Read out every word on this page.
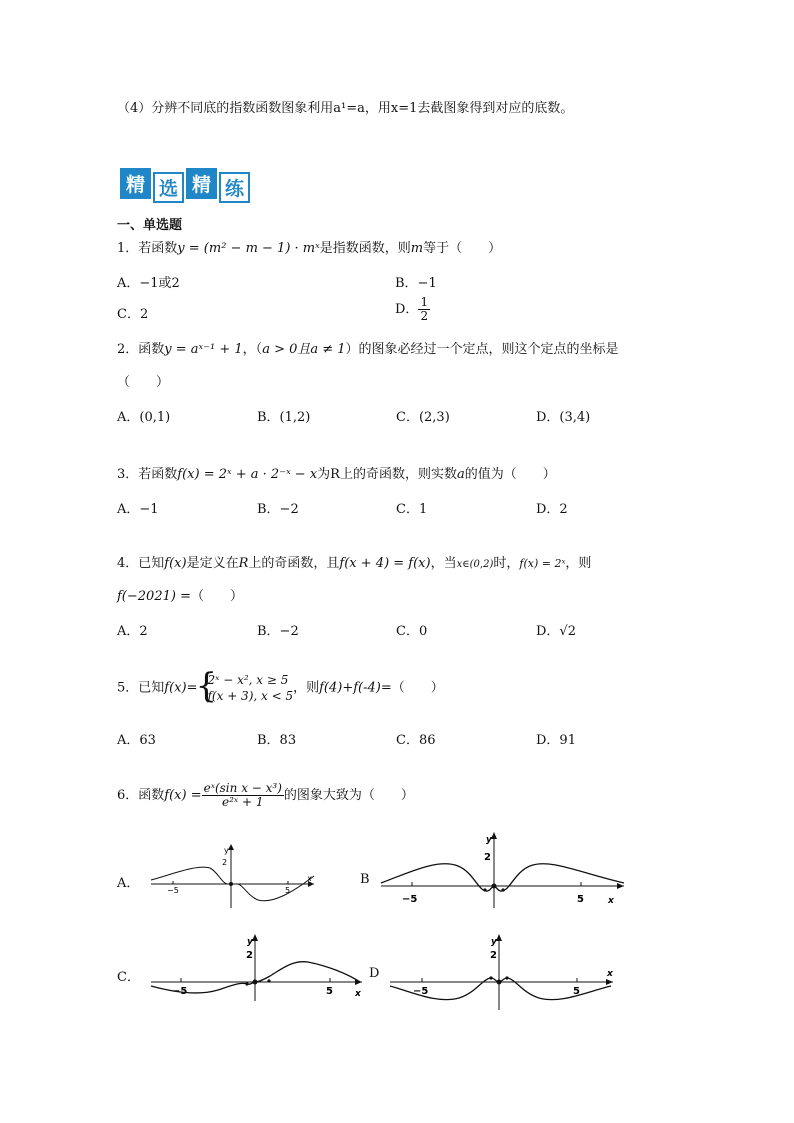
（4）分辨不同底的指数函数图象利用a¹=a，用x=1去截图象得到对应的底数。
精 选 精 练
一、单选题
1．若函数y = (m² − m − 1) · mˣ是指数函数，则m等于（　　）
A．−1或2	B．−1
C．2	D． $\frac{1}{2}$
2．函数y = aˣ⁻¹ + 1，（a > 0且a ≠ 1）的图象必经过一个定点，则这个定点的坐标是
（　　）
A．(0,1)	B．(1,2)	C．(2,3)	D．(3,4)
3．若函数f(x) = 2ˣ + a · 2⁻ˣ − x为R上的奇函数，则实数a的值为（　　）
A．−1	B．−2	C．1	D．2
4．已知f(x)是定义在R上的奇函数，且f(x + 4) = f(x)，当x∈(0,2)时，f(x) = 2ˣ，则
f(−2021) =（　　）
A．2	B．−2	C．0	D．√2
5．已知f(x)=
{ 2ˣ − x², x ≥ 5
f(x + 3), x < 5
，则f(4)+f(-4)=（　　）
A．63	B．83	C．86	D．91
6．函数$f(x) = \frac{\text{eˣ(sin x − x³)}}{\text{e²ˣ + 1}}$ 的图象大致为（　　）
A．	B
C．	D
y
2
x
−5	5
y
2
x
−5	5
y
2
x
−5	5
y
2
x
−5	5
